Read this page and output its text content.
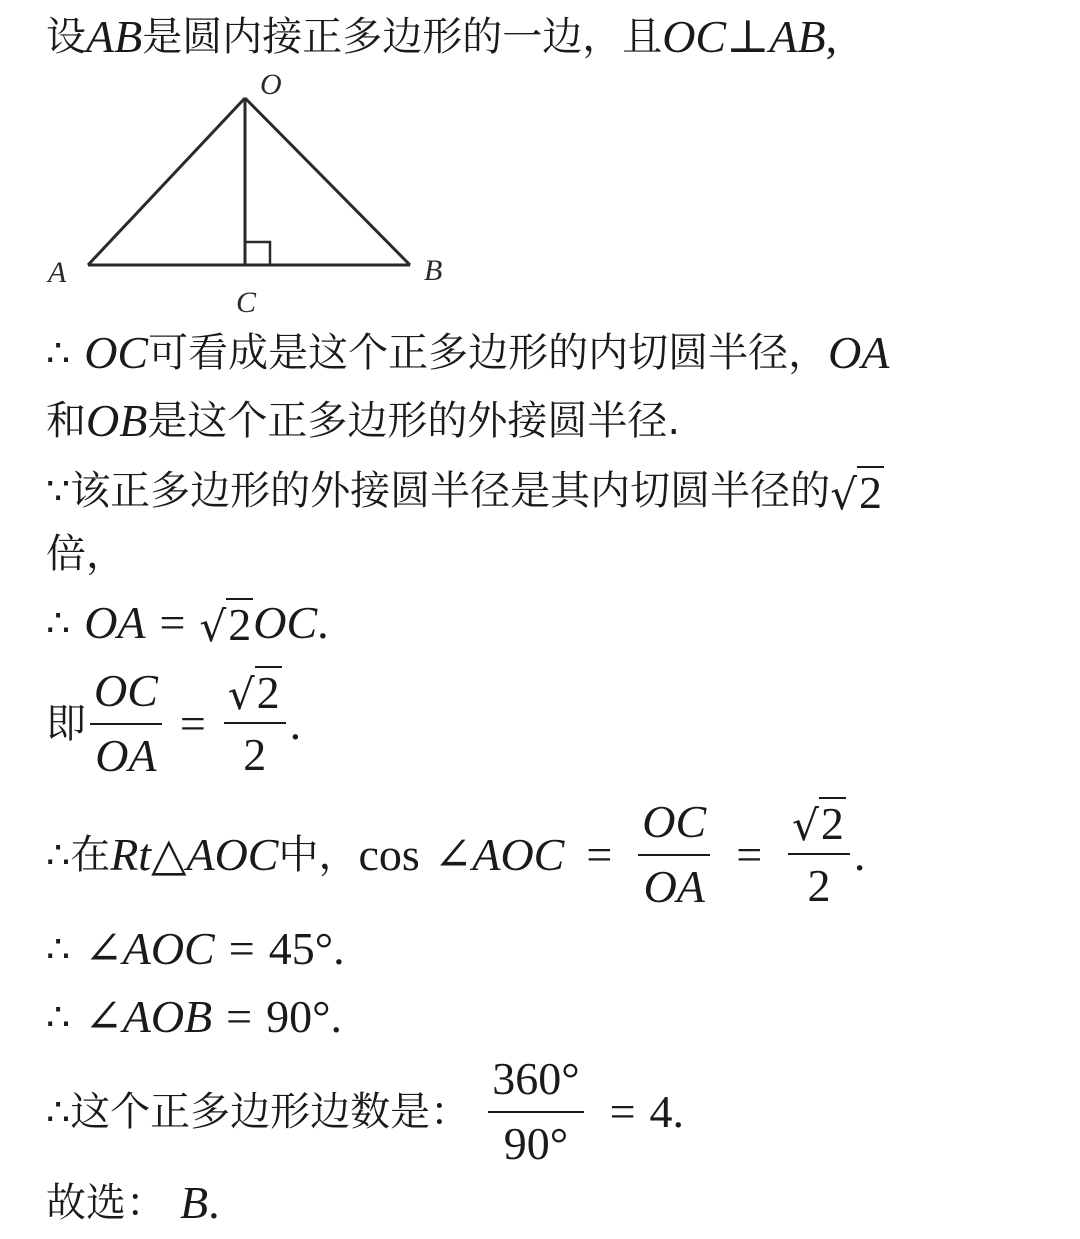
设 AB 是圆内接正多边形的一边，且 OC ⊥ AB ,
O
A	B
C
∴ OC 可看成是这个正多边形的内切圆半径， OA
和 OB 是这个正多边形的外接圆半径.
∵ 该正多边形的外接圆半径是其内切圆半径的 √ 2
倍，
∴ OA = √ 2 OC .
即 $\frac{OC}{OA} = \frac{√ 2}{2}$ .
∴ 在 Rt △ AOC 中， cos ∠ AOC = $\frac{OC}{OA} = \frac{√ 2}{2}$ .
∴ ∠ AOC = 45° .
∴ ∠ AOB = 90° .
∴ 这个正多边形边数是： $\frac{360^\circ}{90^\circ} = 4$ .
故选： B .
